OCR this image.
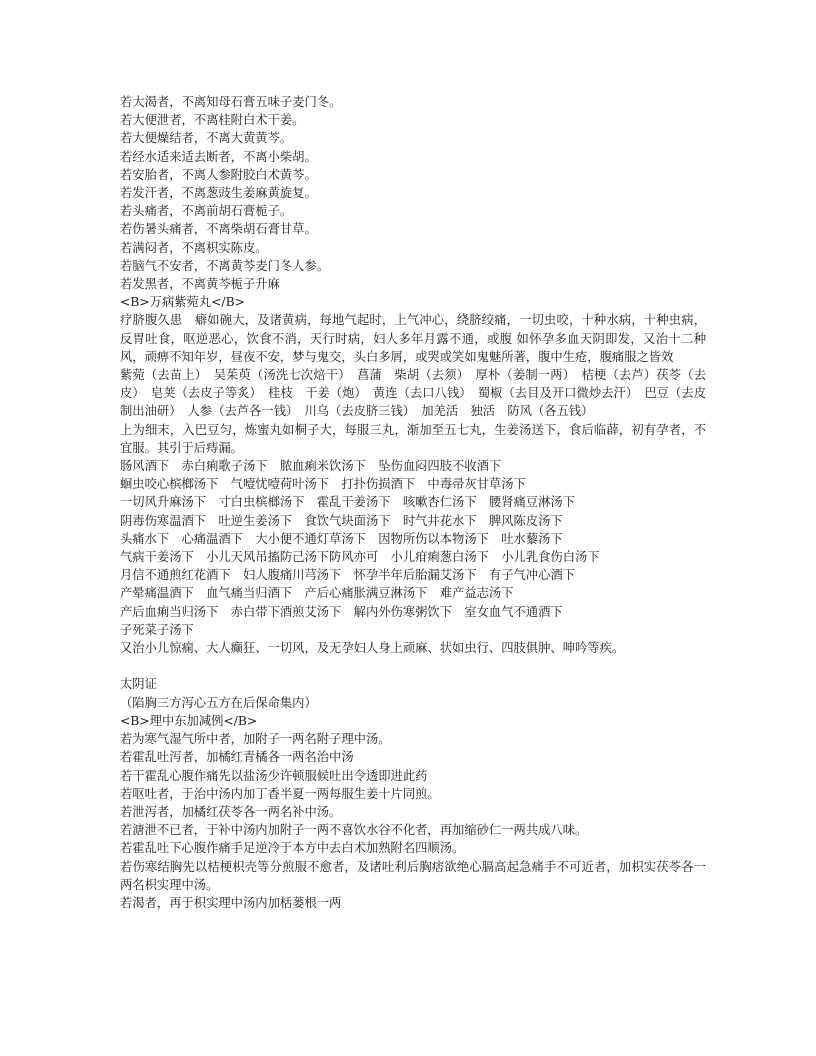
若大渴者，不离知母石膏五味子麦门冬。
若大便泄者，不离桂附白术干姜。
若大便燥结者，不离大黄黄芩。
若经水适来适去断者，不离小柴胡。
若安胎者，不离人参附胶白术黄芩。
若发汗者，不离葱豉生姜麻黄旋复。
若头痛者，不离前胡石膏栀子。
若伤暑头痛者，不离柴胡石膏甘草。
若满闷者，不离枳实陈皮。
若脑气不安者，不离黄芩麦门冬人参。
若发黑者，不离黄芩栀子升麻
<B>万病紫菀丸</B>
疗脐腹久患　癖如碗大，及诸黄病，每地气起时，上气冲心，绕脐绞痛，一切虫咬，十种水病，十种虫病，反胃吐食，呕逆恶心，饮食不消，天行时病，妇人多年月露不通，或腹 如怀孕多血天阴即发，又治十二种风，顽痹不知年岁，昼夜不安，梦与鬼交，头白多屑，或哭或笑如鬼魅所著，腹中生疮，腹痛服之皆效
紫菀（去苗上）　吴茱萸（汤洗七次焙干）　菖蒲　柴胡（去须）　厚朴（姜制一两）　桔梗（去芦）茯苓（去皮）　皂荚（去皮子等炙）　桂枝　干姜（炮）　黄连（去口八钱）　蜀椒（去目及开口微炒去汗）　巴豆（去皮制出油研）　人参（去芦各一钱）　川乌（去皮脐三钱）　加羌活　独活　防风（各五钱）
上为细末，入巴豆匀，炼蜜丸如桐子大，每服三丸，渐加至五七丸，生姜汤送下，食后临薜，初有孕者，不宜服。其引于后痔漏。
肠风酒下　赤白痢歌子汤下　脓血痢米饮汤下　坠伤血闷四肢不收酒下
蛔虫咬心槟榔汤下　气噎忧噎荷叶汤下　打扑伤损酒下　中毒帚灰甘草汤下
一切风升麻汤下　寸白虫槟榔汤下　霍乱干姜汤下　咳嗽杏仁汤下　腰肾痛豆淋汤下
阴毒伤寒温酒下　吐逆生姜汤下　食饮气块面汤下　时气井花水下　脾风陈皮汤下
头痛水下　心痛温酒下　大小便不通灯草汤下　因物所伤以本物汤下　吐水藜汤下
气病干姜汤下　小儿天风吊搐防己汤下防风亦可　小儿疳痢葱白汤下　小儿乳食伤白汤下
月信不通煎红花酒下　妇人腹痛川芎汤下　怀孕半年后胎漏艾汤下　有子气冲心酒下
产晕痛温酒下　血气痛当归酒下　产后心痛胀满豆淋汤下　难产益志汤下
产后血痢当归汤下　赤白带下酒煎艾汤下　解内外伤寒粥饮下　室女血气不通酒下
子死菜子汤下
又治小儿惊痫、大人癫狂、一切风，及无孕妇人身上顽麻、状如虫行、四肢俱肿、呻吟等疾。
太阴证
（陷胸三方泻心五方在后保命集内）
<B>理中东加减例</B>
若为寒气湿气所中者，加附子一两名附子理中汤。
若霍乱吐泻者，加橘红青橘各一两名治中汤
若干霍乱心腹作痛先以盐汤少许顿服候吐出令透即进此药
若呕吐者，于治中汤内加丁香半夏一两每服生姜十片同煎。
若泄泻者，加橘红茯苓各一两名补中汤。
若溏泄不已者，于补中汤内加附子一两不喜饮水谷不化者，再加缩砂仁一两共成八味。
若霍乱吐下心腹作痛手足逆冷于本方中去白术加熟附名四顺汤。
若伤寒结胸先以桔梗枳壳等分煎服不愈者，及诸吐利后胸痞欲绝心膈高起急痛手不可近者，加枳实茯苓各一两名枳实理中汤。
若渴者，再于枳实理中汤内加栝蒌根一两
